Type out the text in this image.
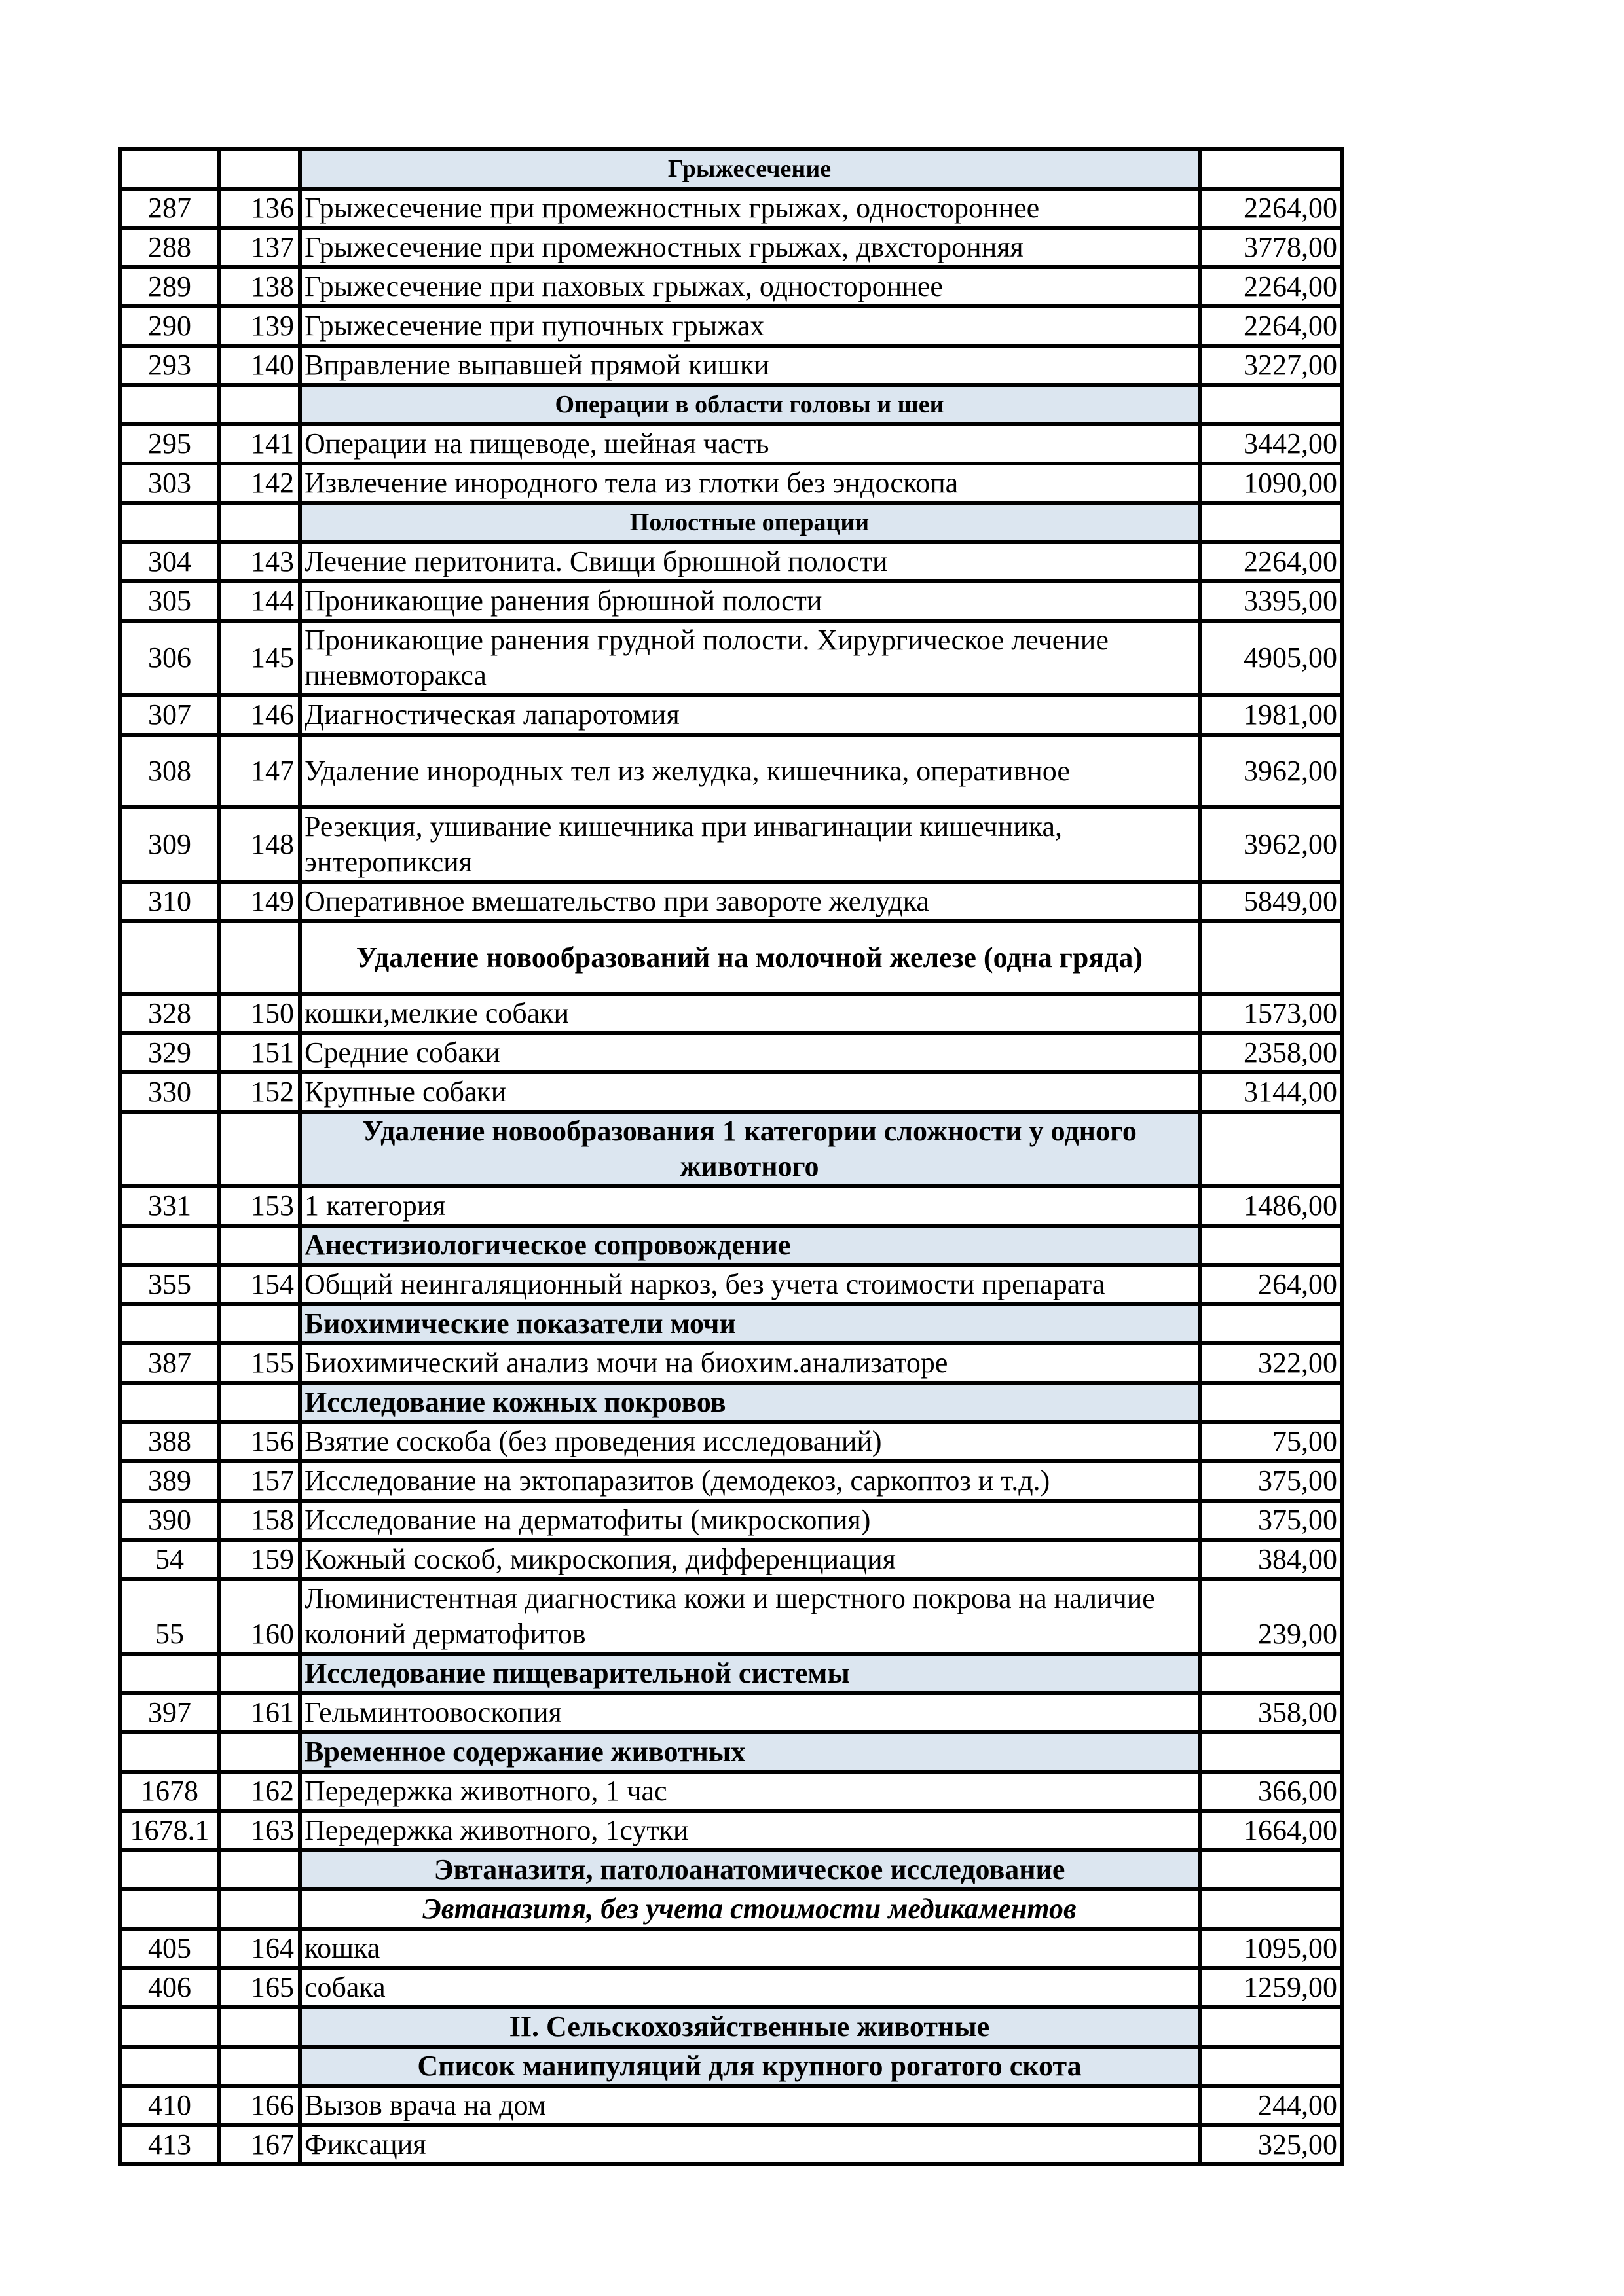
		Грыжесечение	
287	136	Грыжесечение при промежностных грыжах, одностороннее	2264,00
288	137	Грыжесечение при промежностных грыжах, двхсторонняя	3778,00
289	138	Грыжесечение при паховых грыжах, одностороннее	2264,00
290	139	Грыжесечение при пупочных грыжах	2264,00
293	140	Вправление выпавшей прямой кишки	3227,00
		Операции в области головы и шеи	
295	141	Операции на пищеводе, шейная часть	3442,00
303	142	Извлечение инородного тела из глотки без эндоскопа	1090,00
		Полостные операции	
304	143	Лечение перитонита. Свищи брюшной полости	2264,00
305	144	Проникающие ранения брюшной полости	3395,00
306	145	Проникающие ранения грудной полости. Хирургическое лечение пневмоторакса	4905,00
307	146	Диагностическая лапаротомия	1981,00
308	147	Удаление инородных тел из желудка, кишечника, оперативное	3962,00
309	148	Резекция, ушивание кишечника при инвагинации кишечника, энтеропиксия	3962,00
310	149	Оперативное вмешательство при завороте желудка	5849,00
		Удаление новообразований на молочной железе (одна гряда)	
328	150	кошки,мелкие собаки	1573,00
329	151	Средние собаки	2358,00
330	152	Крупные собаки	3144,00
		Удаление новообразования 1 категории сложности у одного животного	
331	153	1 категория	1486,00
		Анестизиологическое сопровождение	
355	154	Общий неингаляционный наркоз, без учета стоимости препарата	264,00
		Биохимические показатели мочи	
387	155	Биохимический анализ мочи на биохим.анализаторе	322,00
		Исследование кожных покровов	
388	156	Взятие соскоба (без проведения исследований)	75,00
389	157	Исследование на эктопаразитов (демодекоз, саркоптоз и т.д.)	375,00
390	158	Исследование на дерматофиты (микроскопия)	375,00
54	159	Кожный соскоб, микроскопия, дифференциация	384,00
55	160	Люминистентная диагностика кожи и шерстного покрова на наличие колоний дерматофитов	239,00
		Исследование пищеварительной системы	
397	161	Гельминтоовоскопия	358,00
		Временное содержание животных	
1678	162	Передержка животного, 1 час	366,00
1678.1	163	Передержка животного, 1сутки	1664,00
		Эвтаназитя, патолоанатомическое исследование	
		Эвтаназитя, без учета стоимости медикаментов	
405	164	кошка	1095,00
406	165	собака	1259,00
		II. Сельскохозяйственные животные	
		Список манипуляций для крупного рогатого скота	
410	166	Вызов врача на дом	244,00
413	167	Фиксация	325,00
